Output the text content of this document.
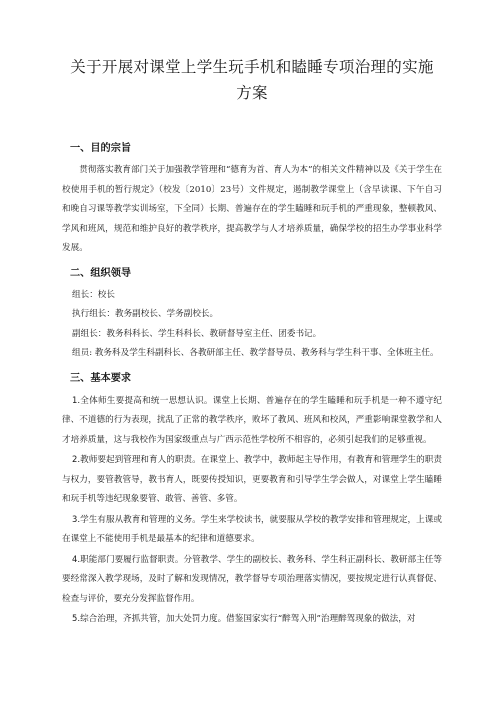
关于开展对课堂上学生玩手机和瞌睡专项治理的实施
方案

一、目的宗旨

贯彻落实教育部门关于加强教学管理和“德育为首、育人为本”的相关文件精神以及《关于学生在校使用手机的暂行规定》（校发〔2010〕23号）文件规定，遏制教学课堂上（含早读课、下午自习和晚自习课等教学实训场室，下全同）长期、普遍存在的学生瞌睡和玩手机的严重现象，整顿教风、学风和班风，规范和维护良好的教学秩序，提高教学与人才培养质量，确保学校的招生办学事业科学发展。

二、组织领导

组长：校长

执行组长：教务副校长、学务副校长。

副组长：教务科科长、学生科科长、教研督导室主任、团委书记。

组员: 教务科及学生科副科长、各教研部主任、教学督导员、教务科与学生科干事、全体班主任。

三、基本要求

1.全体师生要提高和统一思想认识。课堂上长期、普遍存在的学生瞌睡和玩手机是一种不遵守纪律、不道德的行为表现，扰乱了正常的教学秩序，败坏了教风、班风和校风，严重影响课堂教学和人才培养质量，这与我校作为国家级重点与广西示范性学校所不相容的，必须引起我们的足够重视。

2.教师要起到管理和育人的职责。在课堂上、教学中，教师起主导作用，有教育和管理学生的职责与权力，要管教管导，教书育人，既要传授知识，更要教育和引导学生学会做人，对课堂上学生瞌睡和玩手机等违纪现象要管、敢管、善管、多管。

3.学生有服从教育和管理的义务。学生来学校读书，就要服从学校的教学安排和管理规定，上课或在课堂上不能使用手机是最基本的纪律和道德要求。

4.职能部门要履行监督职责。分管教学、学生的副校长、教务科、学生科正副科长、教研部主任等要经常深入教学现场，及时了解和发现情况，教学督导专项治理落实情况，要按规定进行认真督促、检查与评价，要充分发挥监督作用。

5.综合治理，齐抓共管，加大处罚力度。借鉴国家实行“醉驾入刑”治理醉驾现象的做法，对
